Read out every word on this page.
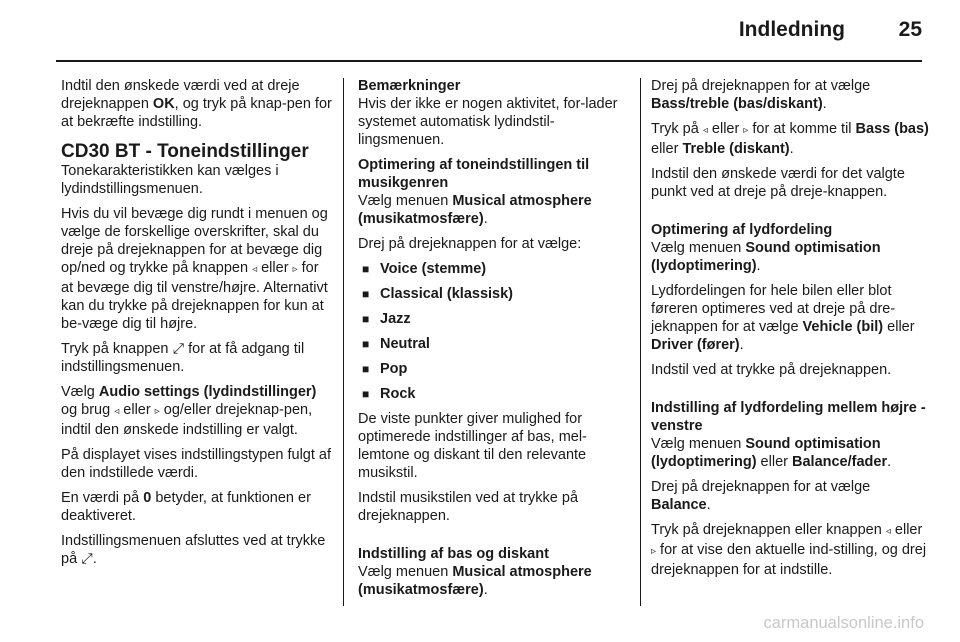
Indledning	25

Indtil den ønskede værdi ved at dreje drejeknappen OK, og tryk på knap-pen for at bekræfte indstilling.

CD30 BT - Toneindstillinger

Tonekarakteristikken kan vælges i lydindstillingsmenuen.

Hvis du vil bevæge dig rundt i menuen og vælge de forskellige overskrifter, skal du dreje på drejeknappen for at bevæge dig op/ned og trykke på knappen ◃ eller ▹ for at bevæge dig til venstre/højre. Alternativt kan du trykke på drejeknappen for kun at be-væge dig til højre.

Tryk på knappen ⤢ for at få adgang til indstillingsmenuen.

Vælg Audio settings (lydindstillinger) og brug ◃ eller ▹ og/eller drejeknap-pen, indtil den ønskede indstilling er valgt.

På displayet vises indstillingstypen fulgt af den indstillede værdi.

En værdi på 0 betyder, at funktionen er deaktiveret.

Indstillingsmenuen afsluttes ved at trykke på ⤢.

Bemærkninger

Hvis der ikke er nogen aktivitet, for-lader systemet automatisk lydindstil-lingsmenuen.

Optimering af toneindstillingen til musikgenren

Vælg menuen Musical atmosphere (musikatmosfære).

Drej på drejeknappen for at vælge:

■ Voice (stemme)
■ Classical (klassisk)
■ Jazz
■ Neutral
■ Pop
■ Rock

De viste punkter giver mulighed for optimerede indstillinger af bas, mel-lemtone og diskant til den relevante musikstil.

Indstil musikstilen ved at trykke på drejeknappen.

Indstilling af bas og diskant

Vælg menuen Musical atmosphere (musikatmosfære).

Drej på drejeknappen for at vælge Bass/treble (bas/diskant).

Tryk på ◃ eller ▹ for at komme til Bass (bas) eller Treble (diskant).

Indstil den ønskede værdi for det valgte punkt ved at dreje på dreje-knappen.

Optimering af lydfordeling

Vælg menuen Sound optimisation (lydoptimering).

Lydfordelingen for hele bilen eller blot føreren optimeres ved at dreje på dre-jeknappen for at vælge Vehicle (bil) eller Driver (fører).

Indstil ved at trykke på drejeknappen.

Indstilling af lydfordeling mellem højre - venstre

Vælg menuen Sound optimisation (lydoptimering) eller Balance/fader.

Drej på drejeknappen for at vælge Balance.

Tryk på drejeknappen eller knappen ◃ eller ▹ for at vise den aktuelle ind-stilling, og drej drejeknappen for at indstille.

carmanualsonline.info
